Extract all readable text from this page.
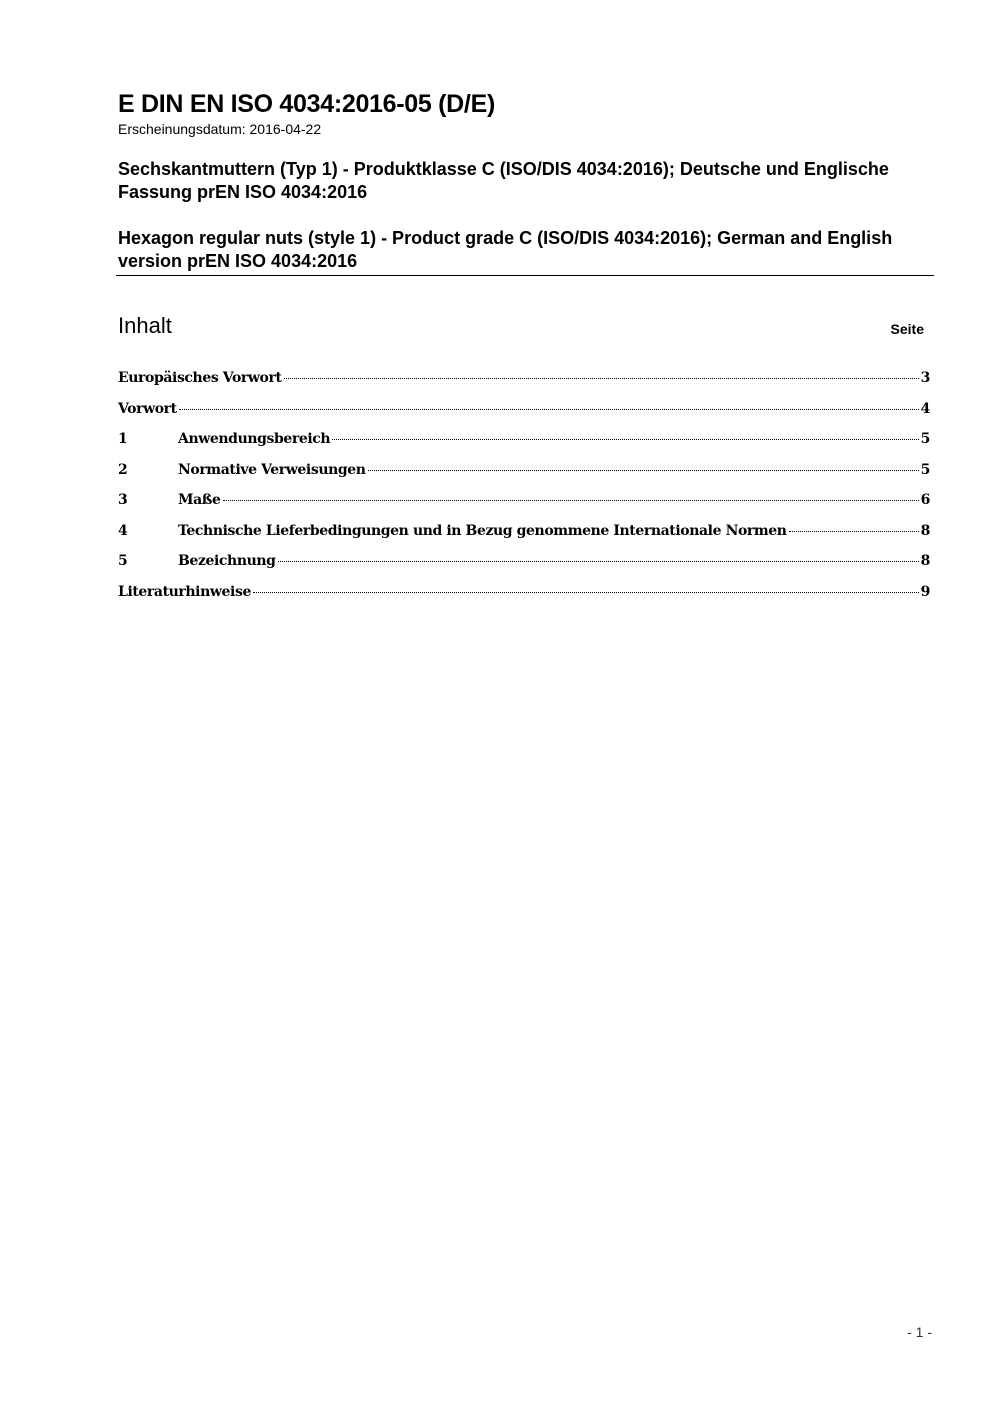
E DIN EN ISO 4034:2016-05 (D/E)
Erscheinungsdatum: 2016-04-22
Sechskantmuttern (Typ 1) - Produktklasse C (ISO/DIS 4034:2016); Deutsche und Englische Fassung prEN ISO 4034:2016
Hexagon regular nuts (style 1) - Product grade C (ISO/DIS 4034:2016); German and English version prEN ISO 4034:2016
Inhalt	Seite
Europäisches Vorwort	3
Vorwort	4
1	Anwendungsbereich	5
2	Normative Verweisungen	5
3	Maße	6
4	Technische Lieferbedingungen und in Bezug genommene Internationale Normen	8
5	Bezeichnung	8
Literaturhinweise	9
- 1 -
